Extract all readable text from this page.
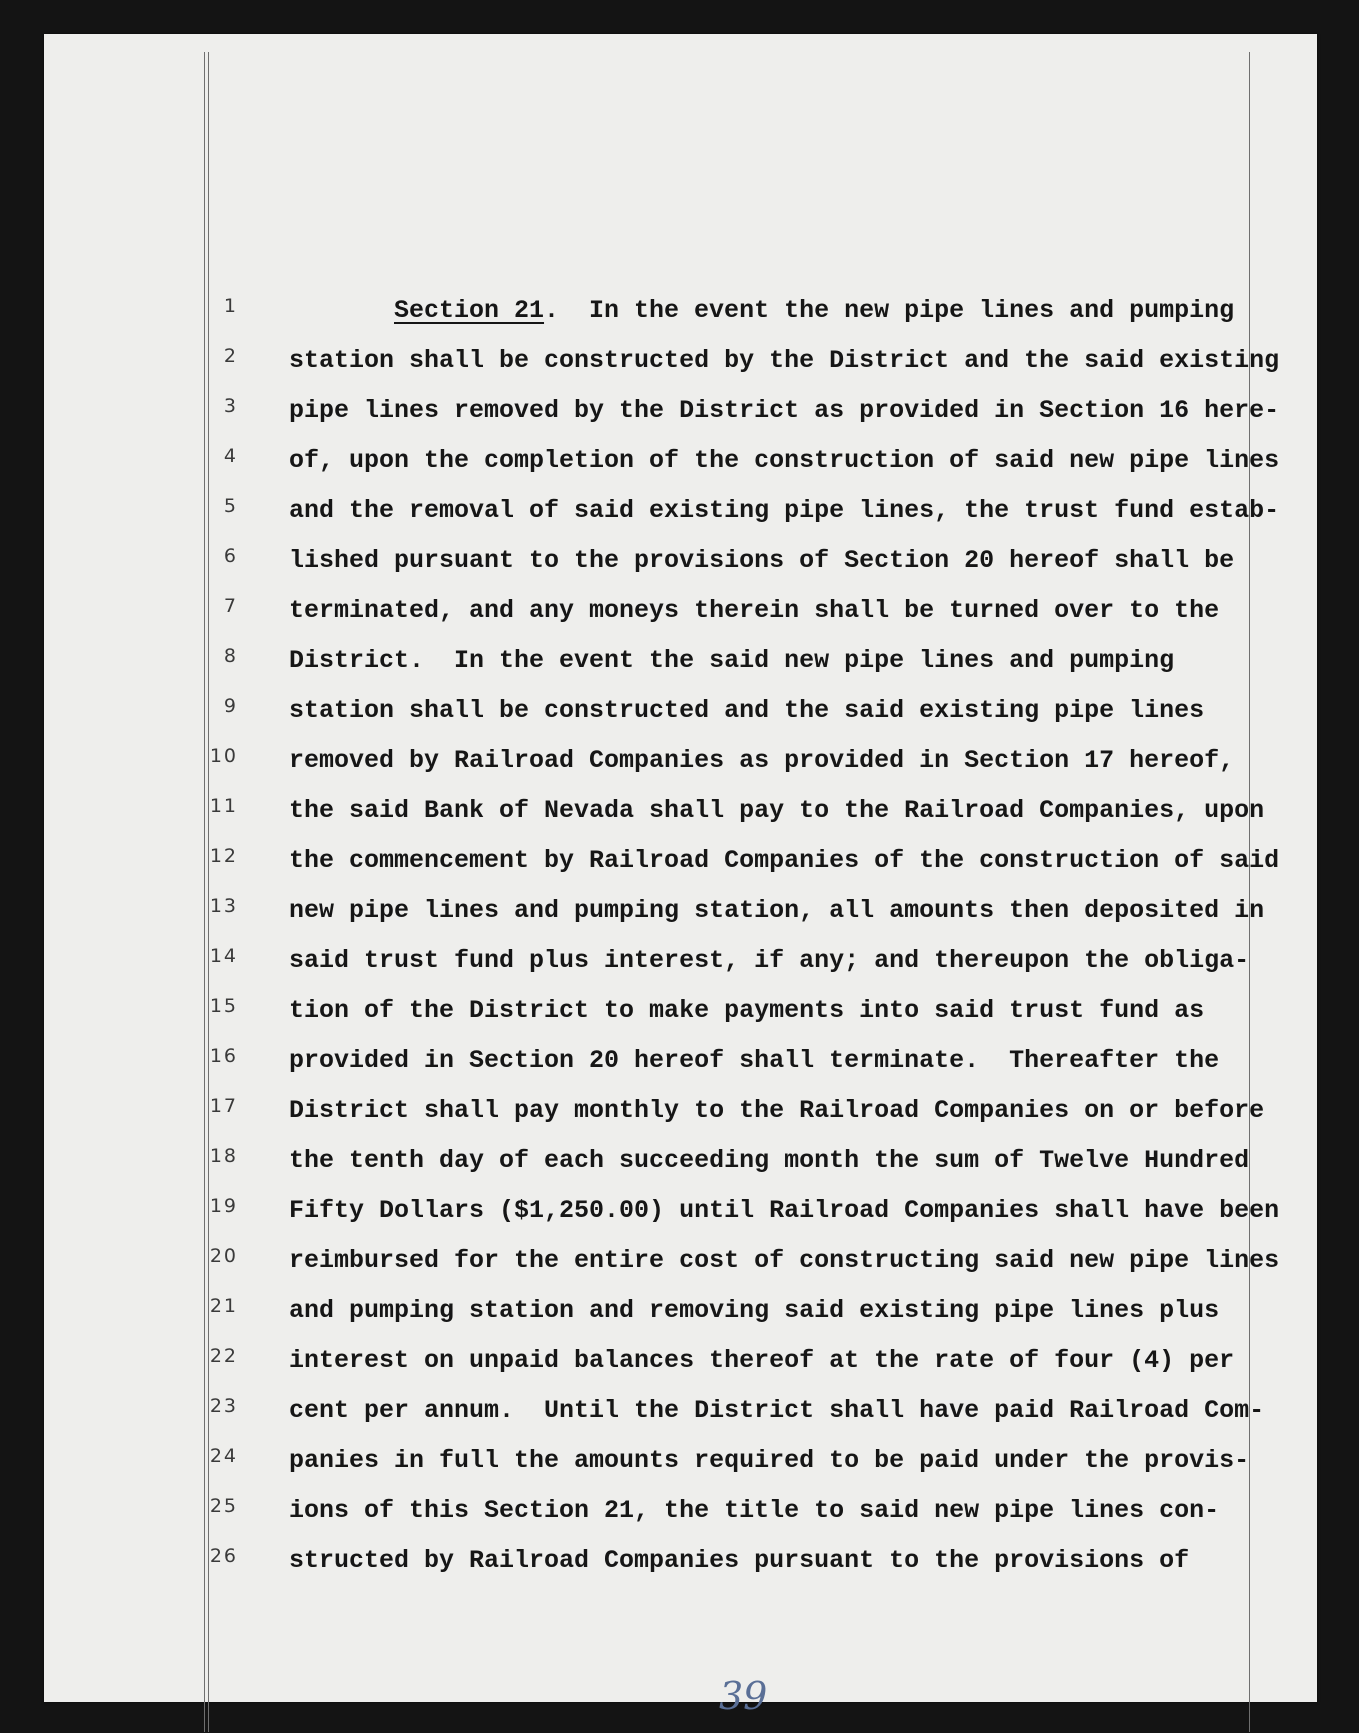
1
2
3
4
5
6
7
8
9
10
11
12
13
14
15
16
17
18
19
20
21
22
23
24
25
26
Section 21.  In the event the new pipe lines and pumping
station shall be constructed by the District and the said existing
pipe lines removed by the District as provided in Section 16 here-
of, upon the completion of the construction of said new pipe lines
and the removal of said existing pipe lines, the trust fund estab-
lished pursuant to the provisions of Section 20 hereof shall be
terminated, and any moneys therein shall be turned over to the
District.  In the event the said new pipe lines and pumping
station shall be constructed and the said existing pipe lines
removed by Railroad Companies as provided in Section 17 hereof,
the said Bank of Nevada shall pay to the Railroad Companies, upon
the commencement by Railroad Companies of the construction of said
new pipe lines and pumping station, all amounts then deposited in
said trust fund plus interest, if any; and thereupon the obliga-
tion of the District to make payments into said trust fund as
provided in Section 20 hereof shall terminate.  Thereafter the
District shall pay monthly to the Railroad Companies on or before
the tenth day of each succeeding month the sum of Twelve Hundred
Fifty Dollars ($1,250.00) until Railroad Companies shall have been
reimbursed for the entire cost of constructing said new pipe lines
and pumping station and removing said existing pipe lines plus
interest on unpaid balances thereof at the rate of four (4) per
cent per annum.  Until the District shall have paid Railroad Com-
panies in full the amounts required to be paid under the provis-
ions of this Section 21, the title to said new pipe lines con-
structed by Railroad Companies pursuant to the provisions of
39
